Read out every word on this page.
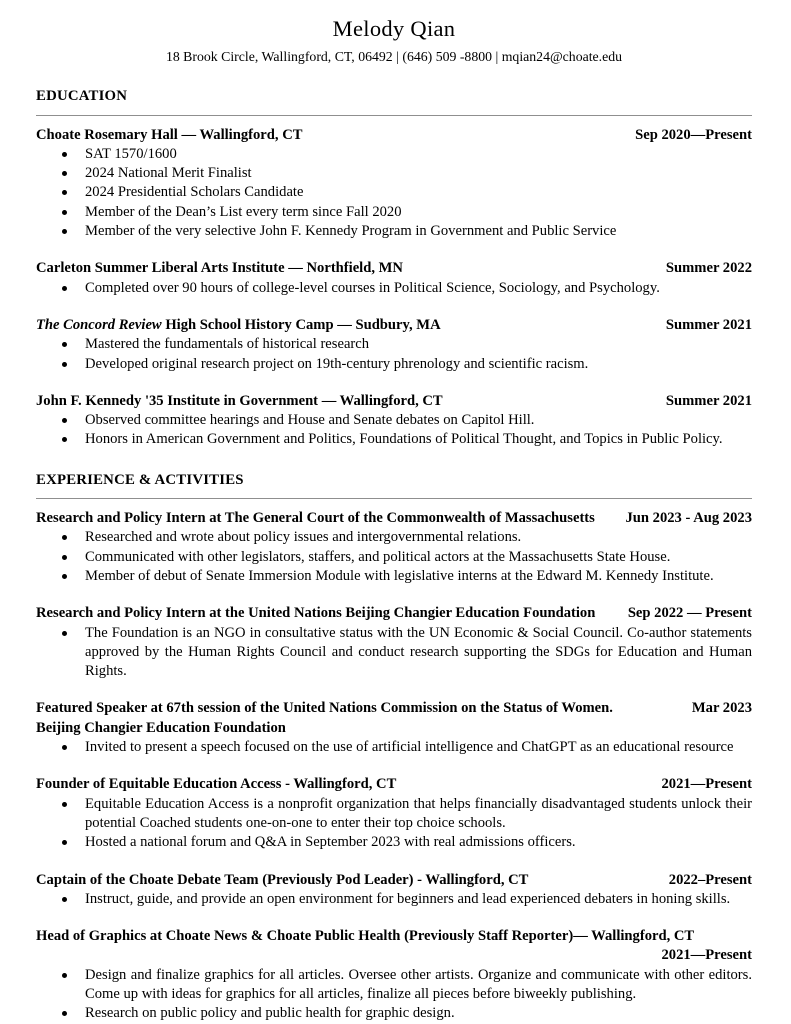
Melody Qian
18 Brook Circle, Wallingford, CT, 06492 | (646) 509 -8800 | mqian24@choate.edu
EDUCATION
Choate Rosemary Hall — Wallingford, CT	Sep 2020—Present
SAT 1570/1600
2024 National Merit Finalist
2024 Presidential Scholars Candidate
Member of the Dean’s List every term since Fall 2020
Member of the very selective John F. Kennedy Program in Government and Public Service
Carleton Summer Liberal Arts Institute — Northfield, MN	Summer 2022
Completed over 90 hours of college-level courses in Political Science, Sociology, and Psychology.
The Concord Review High School History Camp — Sudbury, MA	Summer 2021
Mastered the fundamentals of historical research
Developed original research project on 19th-century phrenology and scientific racism.
John F. Kennedy '35 Institute in Government — Wallingford, CT	Summer 2021
Observed committee hearings and House and Senate debates on Capitol Hill.
Honors in American Government and Politics, Foundations of Political Thought, and Topics in Public Policy.
EXPERIENCE & ACTIVITIES
Research and Policy Intern at The General Court of the Commonwealth of Massachusetts Jun 2023 - Aug 2023
Researched and wrote about policy issues and intergovernmental relations.
Communicated with other legislators, staffers, and political actors at the Massachusetts State House.
Member of debut of Senate Immersion Module with legislative interns at the Edward M. Kennedy Institute.
Research and Policy Intern at the United Nations Beijing Changier Education Foundation Sep 2022 — Present
The Foundation is an NGO in consultative status with the UN Economic & Social Council. Co-author statements approved by the Human Rights Council and conduct research supporting the SDGs for Education and Human Rights.
Featured Speaker at 67th session of the United Nations Commission on the Status of Women.
Beijing Changier Education Foundation
Mar 2023
Invited to present a speech focused on the use of artificial intelligence and ChatGPT as an educational resource
Founder of Equitable Education Access - Wallingford, CT	2021—Present
Equitable Education Access is a nonprofit organization that helps financially disadvantaged students unlock their potential Coached students one-on-one to enter their top choice schools.
Hosted a national forum and Q&A in September 2023 with real admissions officers.
Captain of the Choate Debate Team (Previously Pod Leader) - Wallingford, CT	2022–Present
Instruct, guide, and provide an open environment for beginners and lead experienced debaters in honing skills.
Head of Graphics at Choate News & Choate Public Health (Previously Staff Reporter)— Wallingford, CT
2021—Present
Design and finalize graphics for all articles. Oversee other artists. Organize and communicate with other editors. Come up with ideas for graphics for all articles, finalize all pieces before biweekly publishing.
Research on public policy and public health for graphic design.
